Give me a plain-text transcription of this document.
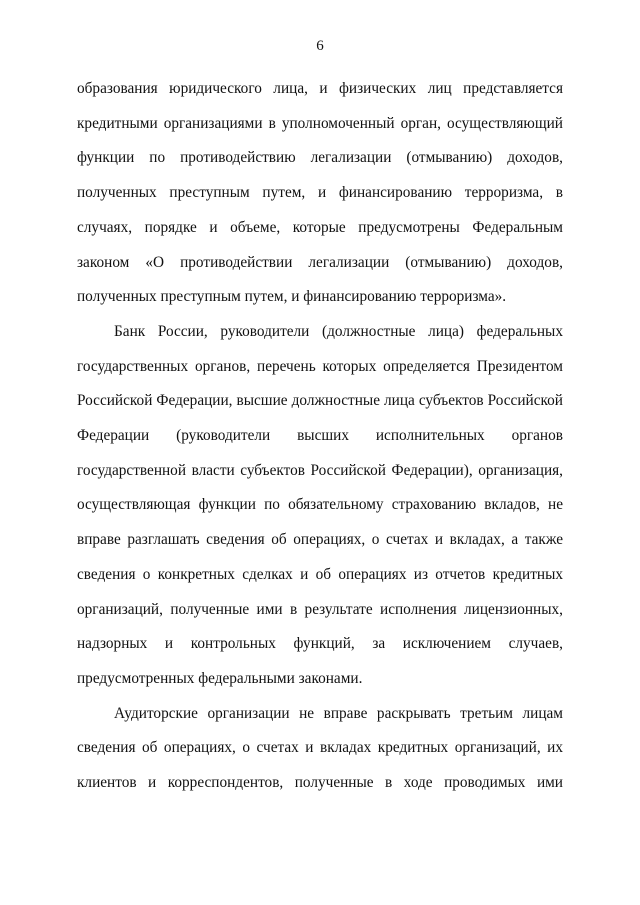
6

образования юридического лица, и физических лиц представляется кредитными организациями в уполномоченный орган, осуществляющий функции по противодействию легализации (отмыванию) доходов, полученных преступным путем, и финансированию терроризма, в случаях, порядке и объеме, которые предусмотрены Федеральным законом «О противодействии легализации (отмыванию) доходов, полученных преступным путем, и финансированию терроризма».

Банк России, руководители (должностные лица) федеральных государственных органов, перечень которых определяется Президентом Российской Федерации, высшие должностные лица субъектов Российской Федерации (руководители высших исполнительных органов государственной власти субъектов Российской Федерации), организация, осуществляющая функции по обязательному страхованию вкладов, не вправе разглашать сведения об операциях, о счетах и вкладах, а также сведения о конкретных сделках и об операциях из отчетов кредитных организаций, полученные ими в результате исполнения лицензионных, надзорных и контрольных функций, за исключением случаев, предусмотренных федеральными законами.

Аудиторские организации не вправе раскрывать третьим лицам сведения об операциях, о счетах и вкладах кредитных организаций, их клиентов и корреспондентов, полученные в ходе проводимых ими
